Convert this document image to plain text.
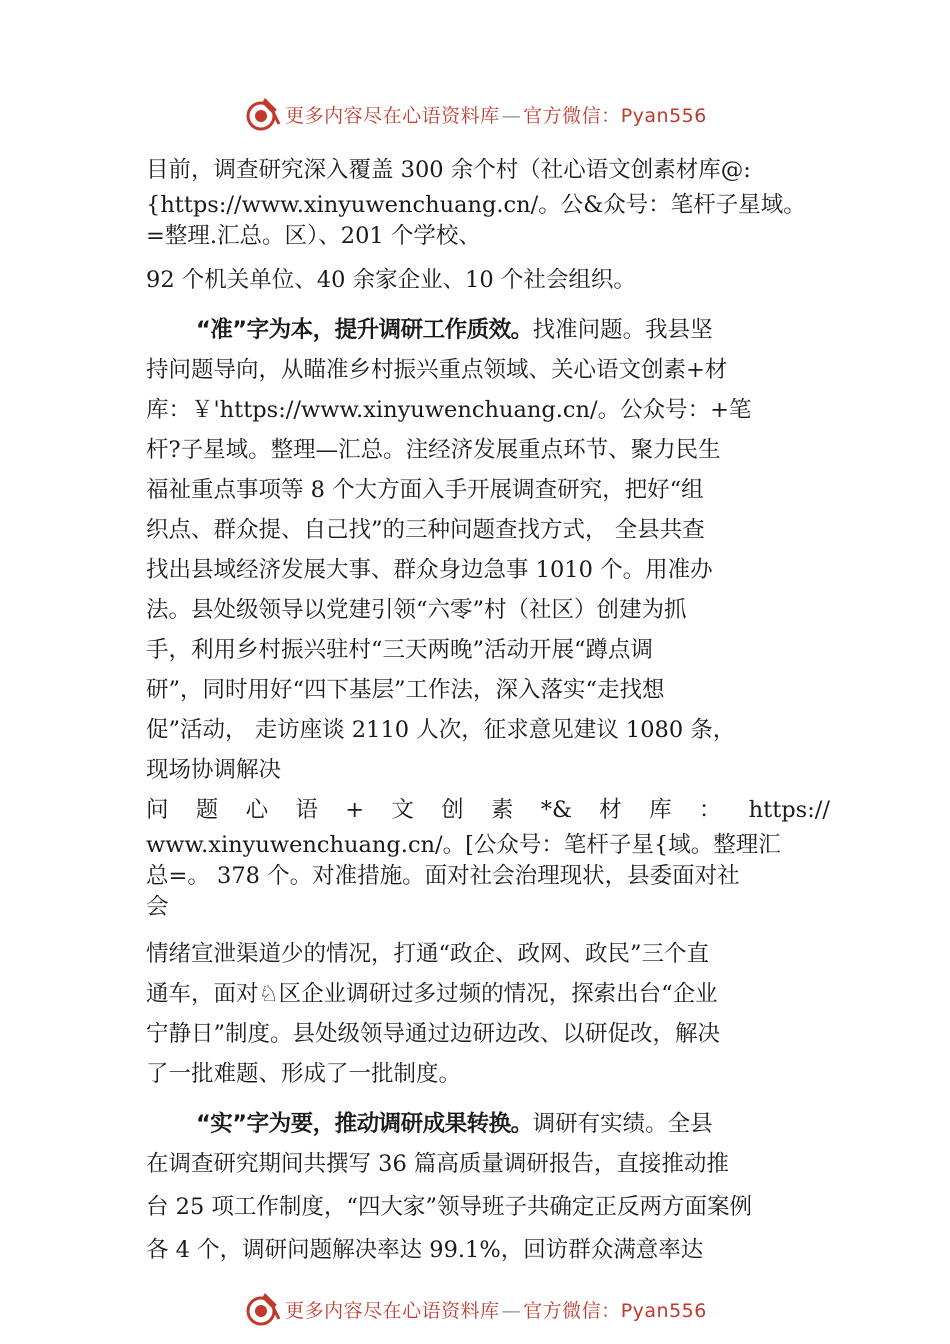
更多内容尽在心语资料库 — 官方微信：Pyan556
目前，调查研究深入覆盖 300 余个村（社心语文创素材库@:
{https://www.xinyuwenchuang.cn/。公&众号：笔杆子星域。
=整理.汇总。区）、201 个学校、
92 个机关单位、40 余家企业、10 个社会组织。
“准”字为本，提升调研工作质效。找准问题。我县坚
持问题导向，从瞄准乡村振兴重点领域、关心语文创素+材
库：￥'https://www.xinyuwenchuang.cn/。公众号：+笔
杆?子星域。整理—汇总。注经济发展重点环节、聚力民生
福祉重点事项等 8 个大方面入手开展调查研究，把好“组
织点、群众提、自己找”的三种问题查找方式， 全县共查
找出县域经济发展大事、群众身边急事 1010 个。用准办
法。县处级领导以党建引领“六零”村（社区）创建为抓
手，利用乡村振兴驻村“三天两晚”活动开展“蹲点调
研”，同时用好“四下基层”工作法，深入落实“走找想
促”活动， 走访座谈 2110 人次，征求意见建议 1080 条，
现场协调解决
问 题 心 语 + 文 创 素 *& 材 库 ： https://
www.xinyuwenchuang.cn/。[公众号：笔杆子星{域。整理汇
总=。 378 个。对准措施。面对社会治理现状，县委面对社
会
情绪宣泄渠道少的情况，打通“政企、政网、政民”三个直
通车，面对♘区企业调研过多过频的情况，探索出台“企业
宁静日”制度。县处级领导通过边研边改、以研促改，解决
了一批难题、形成了一批制度。
“实”字为要，推动调研成果转换。调研有实绩。全县
在调查研究期间共撰写 36 篇高质量调研报告，直接推动推
台 25 项工作制度，“四大家”领导班子共确定正反两方面案例
各 4 个，调研问题解决率达 99.1%，回访群众满意率达
更多内容尽在心语资料库 — 官方微信：Pyan556
